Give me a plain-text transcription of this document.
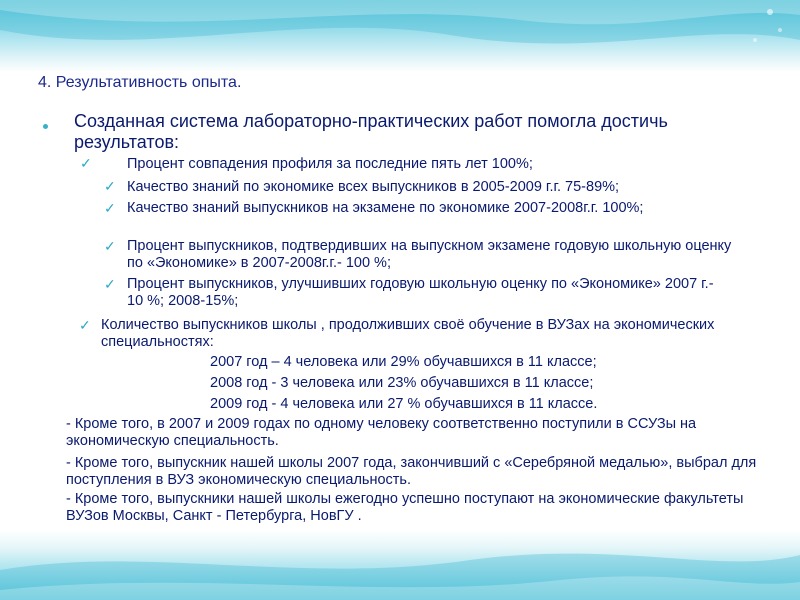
4. Результативность опыта.
Созданная система лабораторно-практических работ помогла достичь результатов:
✓ Процент совпадения профиля за последние пять лет 100%;
✓ Качество знаний по экономике всех выпускников в 2005-2009 г.г. 75-89%;
✓ Качество знаний выпускников на экзамене по экономике 2007-2008г.г. 100%;
✓ Процент выпускников, подтвердивших на выпускном экзамене годовую школьную оценку по «Экономике» в 2007-2008г.г.- 100 %;
✓ Процент выпускников, улучшивших годовую школьную оценку по «Экономике» 2007 г.- 10 %; 2008-15%;
✓ Количество выпускников школы , продолживших своё обучение в ВУЗах на экономических специальностях:
2007 год – 4 человека или 29% обучавшихся в 11 классе;
2008 год - 3 человека или 23% обучавшихся в 11 классе;
2009 год - 4 человека или 27 % обучавшихся в 11 классе.
- Кроме того, в 2007 и 2009 годах по одному человеку соответственно поступили в ССУЗы на экономическую специальность.
- Кроме того, выпускник нашей школы 2007 года, закончивший с «Серебряной медалью», выбрал для поступления в ВУЗ экономическую специальность.
- Кроме того, выпускники нашей школы ежегодно успешно поступают на экономические факультеты ВУЗов Москвы, Санкт - Петербурга, НовГУ .
